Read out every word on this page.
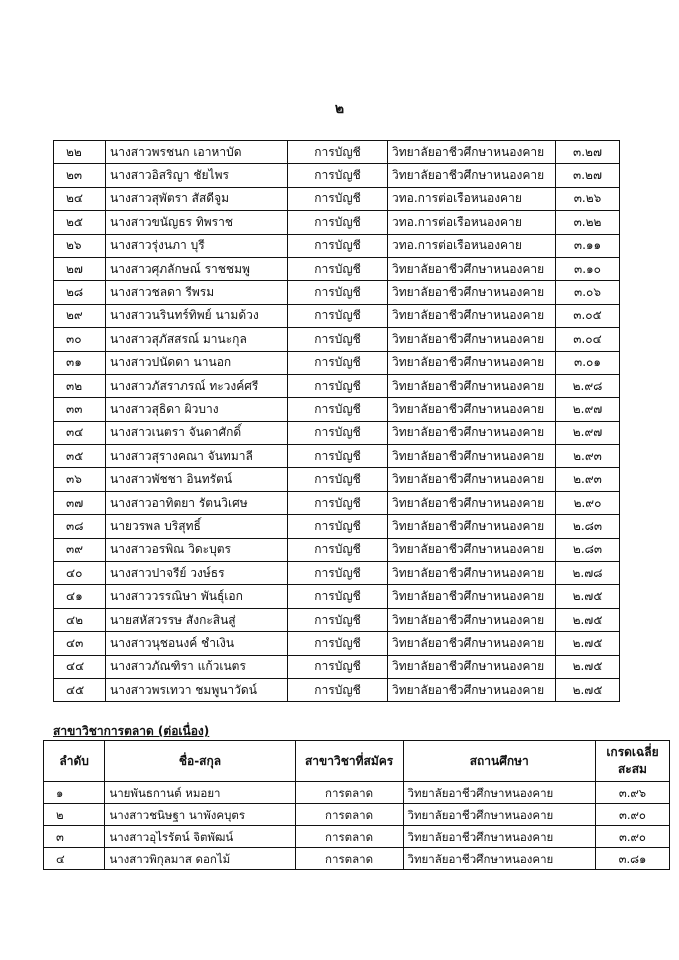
๒
๒๒	นางสาวพรชนก เอาหาบัด	การบัญชี	วิทยาลัยอาชีวศึกษาหนองคาย	๓.๒๗
๒๓	นางสาวอิสริญา ชัยไพร	การบัญชี	วิทยาลัยอาชีวศึกษาหนองคาย	๓.๒๗
๒๔	นางสาวสุพัตรา สัสดีจูม	การบัญชี	วทอ.การต่อเรือหนองคาย	๓.๒๖
๒๕	นางสาวขนัญธร ทิพราช	การบัญชี	วทอ.การต่อเรือหนองคาย	๓.๒๒
๒๖	นางสาวรุ่งนภา บุรี	การบัญชี	วทอ.การต่อเรือหนองคาย	๓.๑๑
๒๗	นางสาวศุภลักษณ์ ราชชมพู	การบัญชี	วิทยาลัยอาชีวศึกษาหนองคาย	๓.๑๐
๒๘	นางสาวชลดา รีพรม	การบัญชี	วิทยาลัยอาชีวศึกษาหนองคาย	๓.๐๖
๒๙	นางสาวนรินทร์ทิพย์ นามด้วง	การบัญชี	วิทยาลัยอาชีวศึกษาหนองคาย	๓.๐๕
๓๐	นางสาวสุภัสสรณ์ มานะกุล	การบัญชี	วิทยาลัยอาชีวศึกษาหนองคาย	๓.๐๔
๓๑	นางสาวปนัดดา นานอก	การบัญชี	วิทยาลัยอาชีวศึกษาหนองคาย	๓.๐๑
๓๒	นางสาวภัสราภรณ์ ทะวงค์ศรี	การบัญชี	วิทยาลัยอาชีวศึกษาหนองคาย	๒.๙๘
๓๓	นางสาวสุธิดา ผิวบาง	การบัญชี	วิทยาลัยอาชีวศึกษาหนองคาย	๒.๙๗
๓๔	นางสาวเนตรา จันดาศักดิ์	การบัญชี	วิทยาลัยอาชีวศึกษาหนองคาย	๒.๙๗
๓๕	นางสาวสุรางคณา จันทมาลี	การบัญชี	วิทยาลัยอาชีวศึกษาหนองคาย	๒.๙๓
๓๖	นางสาวพัชชา อินทรัตน์	การบัญชี	วิทยาลัยอาชีวศึกษาหนองคาย	๒.๙๓
๓๗	นางสาวอาทิตยา รัตนวิเศษ	การบัญชี	วิทยาลัยอาชีวศึกษาหนองคาย	๒.๙๐
๓๘	นายวรพล บริสุทธิ์	การบัญชี	วิทยาลัยอาชีวศึกษาหนองคาย	๒.๘๓
๓๙	นางสาวอรพิณ วิดะบุตร	การบัญชี	วิทยาลัยอาชีวศึกษาหนองคาย	๒.๘๓
๔๐	นางสาวปาจรีย์ วงษ์ธร	การบัญชี	วิทยาลัยอาชีวศึกษาหนองคาย	๒.๗๘
๔๑	นางสาววรรณิษา พันธุ์เอก	การบัญชี	วิทยาลัยอาชีวศึกษาหนองคาย	๒.๗๕
๔๒	นายสหัสวรรษ สังกะสินสู่	การบัญชี	วิทยาลัยอาชีวศึกษาหนองคาย	๒.๗๕
๔๓	นางสาวนุชอนงค์ ชำเงิน	การบัญชี	วิทยาลัยอาชีวศึกษาหนองคาย	๒.๗๕
๔๔	นางสาวภัณฑิรา แก้วเนตร	การบัญชี	วิทยาลัยอาชีวศึกษาหนองคาย	๒.๗๕
๔๕	นางสาวพรเทวา ชมพูนาวัดน์	การบัญชี	วิทยาลัยอาชีวศึกษาหนองคาย	๒.๗๕
สาขาวิชาการตลาด (ต่อเนื่อง)
ลำดับ	ชื่อ-สกุล	สาขาวิชาที่สมัคร	สถานศึกษา	เกรดเฉลี่ย
สะสม
๑	นายพันธกานต์ หมอยา	การตลาด	วิทยาลัยอาชีวศึกษาหนองคาย	๓.๙๖
๒	นางสาวชนิษฐา นาพังคบุตร	การตลาด	วิทยาลัยอาชีวศึกษาหนองคาย	๓.๙๐
๓	นางสาวอุไรรัตน์ จิตพัฒน์	การตลาด	วิทยาลัยอาชีวศึกษาหนองคาย	๓.๙๐
๔	นางสาวพิกุลมาส ดอกไม้	การตลาด	วิทยาลัยอาชีวศึกษาหนองคาย	๓.๘๑
